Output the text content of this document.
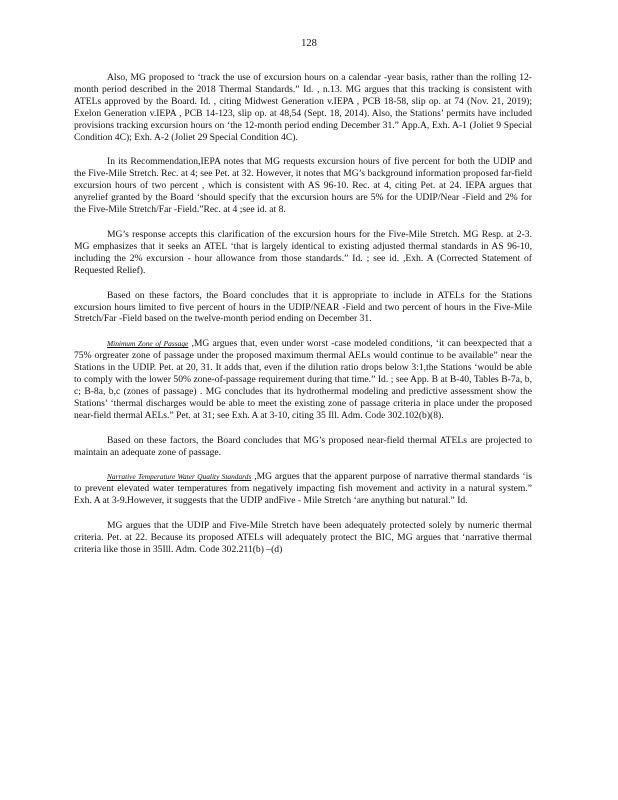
128

Also, MG proposed to ‘track the use of excursion hours on a calendar -year basis, rather than the rolling 12-month period described in the 2018 Thermal Standards.” Id. , n.13. MG argues that this tracking is consistent with ATELs approved by the Board. Id. , citing Midwest Generation v.IEPA , PCB 18-58, slip op. at 74 (Nov. 21, 2019); Exelon Generation v.IEPA , PCB 14-123, slip op. at 48,54 (Sept. 18, 2014). Also, the Stations’ permits have included provisions tracking excursion hours on ‘the 12-month period ending December 31.” App.A, Exh. A-1 (Joliet 9 Special Condition 4C); Exh. A-2 (Joliet 29 Special Condition 4C).

In its Recommendation,IEPA notes that MG requests excursion hours of five percent for both the UDIP and the Five-Mile Stretch. Rec. at 4; see Pet. at 32. However, it notes that MG’s background information proposed far-field excursion hours of two percent , which is consistent with AS 96-10. Rec. at 4, citing Pet. at 24. IEPA argues that anyrelief granted by the Board ‘should specify that the excursion hours are 5% for the UDIP/Near -Field and 2% for the Five-Mile Stretch/Far -Field.”Rec. at 4 ;see id. at 8.

MG’s response accepts this clarification of the excursion hours for the Five-Mile Stretch. MG Resp. at 2-3. MG emphasizes that it seeks an ATEL ‘that is largely identical to existing adjusted thermal standards in AS 96-10, including the 2% excursion - hour allowance from those standards.” Id. ; see id. ,Exh. A (Corrected Statement of Requested Relief).

Based on these factors, the Board concludes that it is appropriate to include in ATELs for the Stations excursion hours limited to five percent of hours in the UDIP/NEAR -Field and two percent of hours in the Five-Mile Stretch/Far -Field based on the twelve-month period ending on December 31.

Minimum Zone of Passage ,MG argues that, even under worst -case modeled conditions, ‘it can beexpected that a 75% orgreater zone of passage under the proposed maximum thermal AELs would continue to be available” near the Stations in the UDIP. Pet. at 20, 31. It adds that, even if the dilution ratio drops below 3:1,the Stations ‘would be able to comply with the lower 50% zone-of-passage requirement during that time.” Id. ; see App. B at B-40, Tables B-7a, b, c; B-8a, b,c (zones of passage) . MG concludes that its hydrothermal modeling and predictive assessment show the Stations’ ‘thermal discharges would be able to meet the existing zone of passage criteria in place under the proposed near-field thermal AELs.” Pet. at 31; see Exh. A at 3-10, citing 35 Ill. Adm. Code 302.102(b)(8).

Based on these factors, the Board concludes that MG’s proposed near-field thermal ATELs are projected to maintain an adequate zone of passage.

Narrative Temperature Water Quality Standards ,MG argues that the apparent purpose of narrative thermal standards ‘is to prevent elevated water temperatures from negatively impacting fish movement and activity in a natural system.” Exh. A at 3-9.However, it suggests that the UDIP andFive - Mile Stretch ‘are anything but natural.” Id.

MG argues that the UDIP and Five-Mile Stretch have been adequately protected solely by numeric thermal criteria. Pet. at 22. Because its proposed ATELs will adequately protect the BIC, MG argues that ‘narrative thermal criteria like those in 35Ill. Adm. Code 302.211(b) –(d)
